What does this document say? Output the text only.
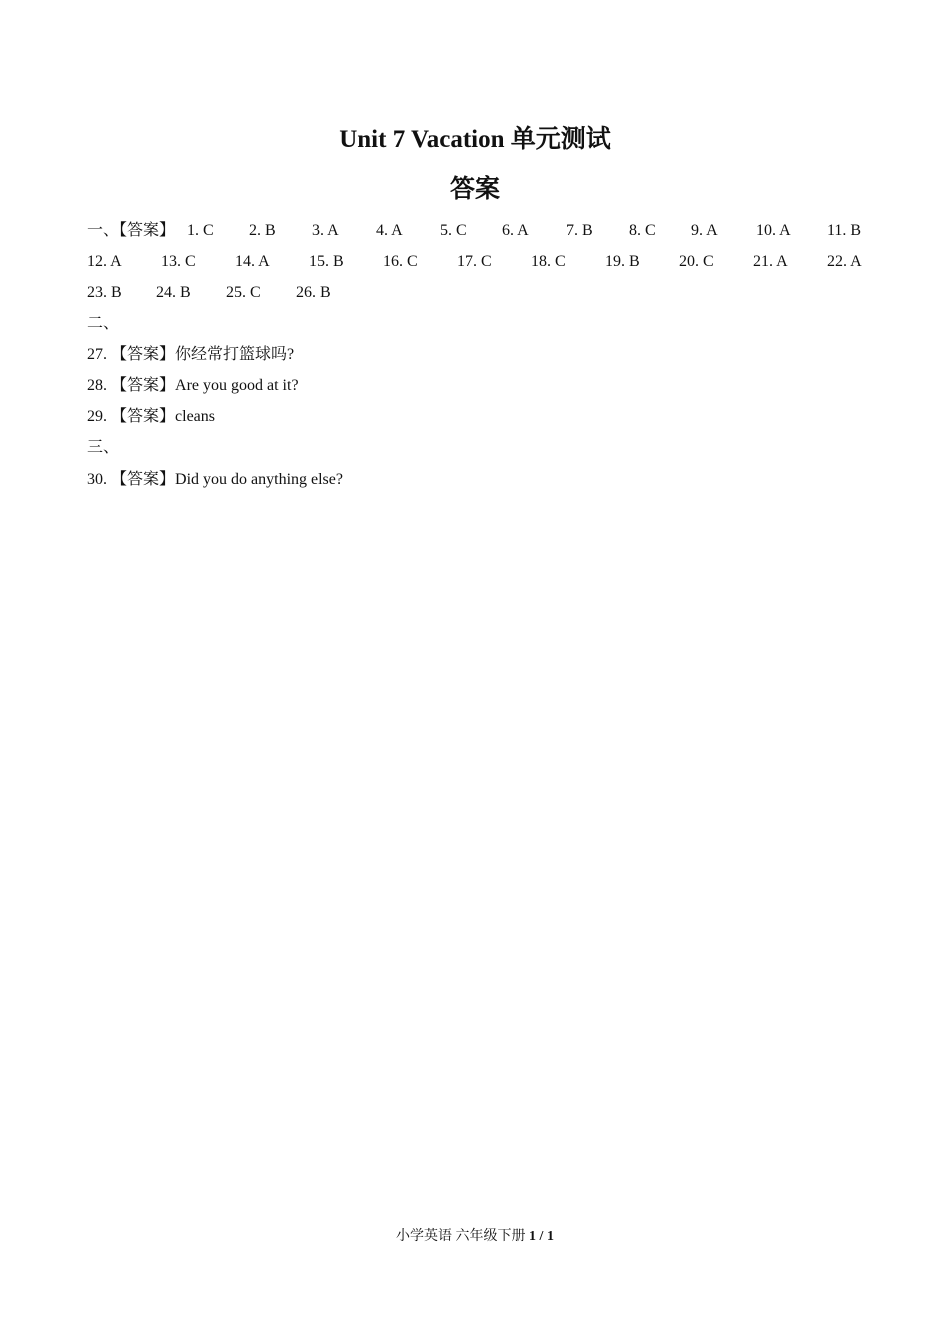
Unit 7 Vacation 单元测试
答案
一、【答案】 1. C 2. B 3. A 4. A 5. C 6. A 7. B 8. C 9. A 10. A 11. B
12. A 13. C 14. A 15. B 16. C 17. C 18. C 19. B 20. C 21. A 22. A
23. B 24. B 25. C 26. B
二、
27. 【答案】你经常打篮球吗?
28. 【答案】Are you good at it?
29. 【答案】cleans
三、
30. 【答案】Did you do anything else?
小学英语 六年级下册 1 / 1
